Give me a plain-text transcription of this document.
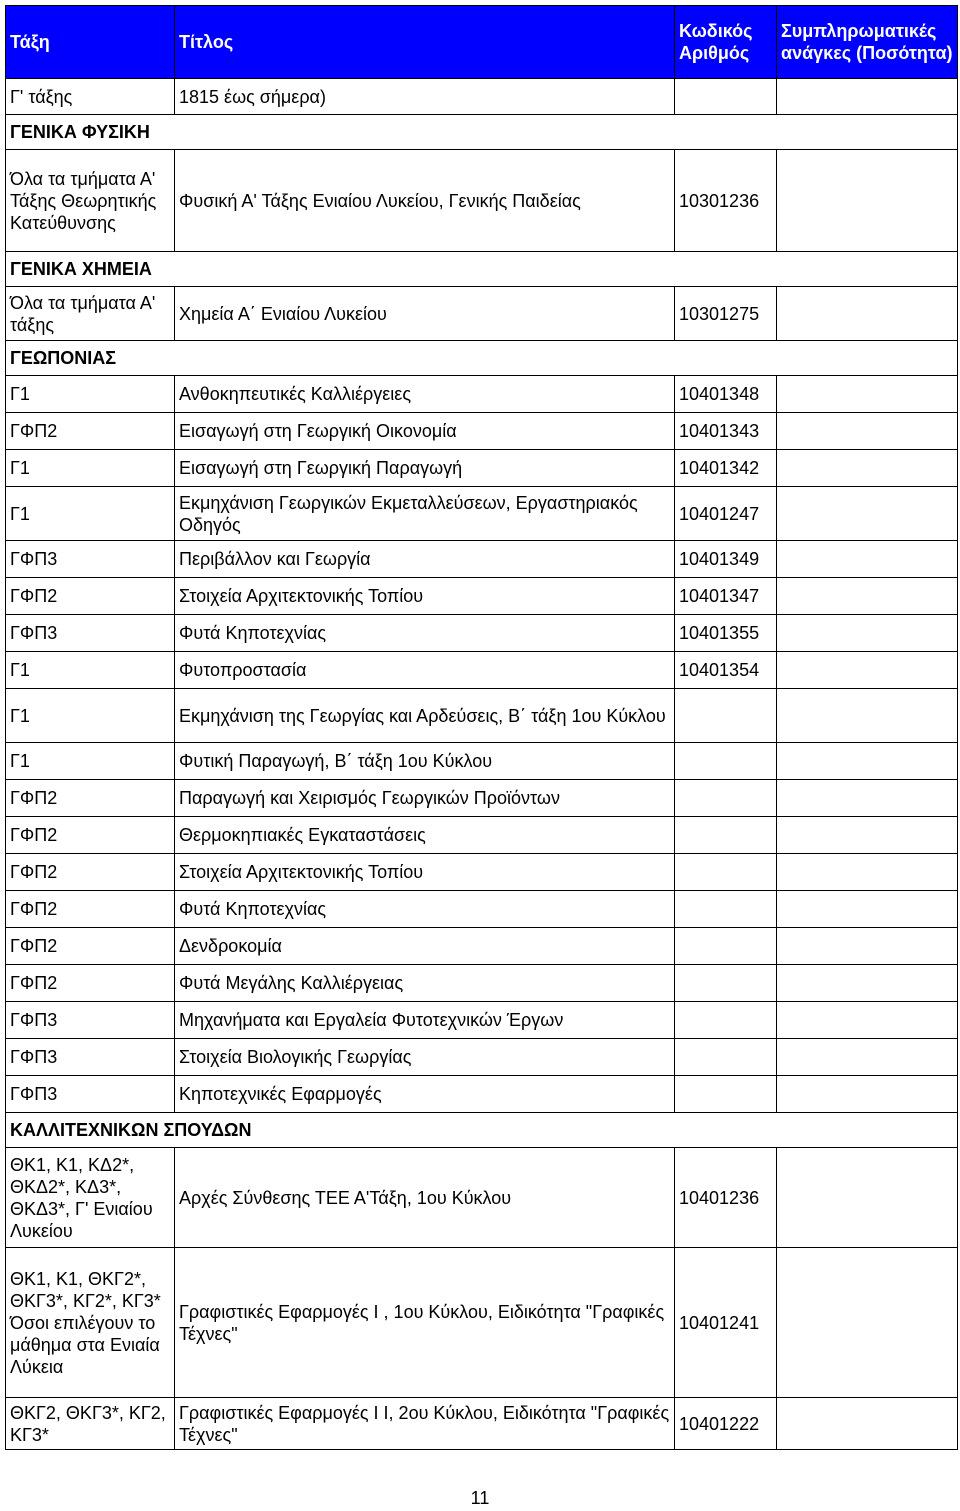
Τάξη	Τίτλος	Κωδικός Αριθμός	Συμπληρωματικές ανάγκες (Ποσότητα)
Γ' τάξης	1815 έως σήμερα)		
ΓΕΝΙΚΑ ΦΥΣΙΚΗ			
Όλα τα τμήματα Α' Τάξης Θεωρητικής Κατεύθυνσης	Φυσική Α' Τάξης Ενιαίου Λυκείου, Γενικής Παιδείας	10301236	
ΓΕΝΙΚΑ ΧΗΜΕΙΑ			
Όλα τα τμήματα Α' τάξης	Χημεία Α΄ Ενιαίου Λυκείου	10301275	
ΓΕΩΠΟΝΙΑΣ			
Γ1	Ανθοκηπευτικές Καλλιέργειες	10401348	
ΓΦΠ2	Εισαγωγή στη Γεωργική Οικονομία	10401343	
Γ1	Εισαγωγή στη Γεωργική Παραγωγή	10401342	
Γ1	Εκμηχάνιση Γεωργικών Εκμεταλλεύσεων, Εργαστηριακός Οδηγός	10401247	
ΓΦΠ3	Περιβάλλον και Γεωργία	10401349	
ΓΦΠ2	Στοιχεία Αρχιτεκτονικής Τοπίου	10401347	
ΓΦΠ3	Φυτά Κηποτεχνίας	10401355	
Γ1	Φυτοπροστασία	10401354	
Γ1	Εκμηχάνιση της Γεωργίας και Αρδεύσεις, Β΄ τάξη 1ου Κύκλου		
Γ1	Φυτική Παραγωγή, Β΄ τάξη 1ου Κύκλου		
ΓΦΠ2	Παραγωγή και Χειρισμός Γεωργικών Προϊόντων		
ΓΦΠ2	Θερμοκηπιακές Εγκαταστάσεις		
ΓΦΠ2	Στοιχεία Αρχιτεκτονικής Τοπίου		
ΓΦΠ2	Φυτά Κηποτεχνίας		
ΓΦΠ2	Δενδροκομία		
ΓΦΠ2	Φυτά Μεγάλης Καλλιέργειας		
ΓΦΠ3	Μηχανήματα και Εργαλεία Φυτοτεχνικών Έργων		
ΓΦΠ3	Στοιχεία Βιολογικής Γεωργίας		
ΓΦΠ3	Κηποτεχνικές Εφαρμογές		
ΚΑΛΛΙΤΕΧΝΙΚΩΝ ΣΠΟΥΔΩΝ			
ΘΚ1, Κ1, ΚΔ2*, ΘΚΔ2*, ΚΔ3*, ΘΚΔ3*, Γ' Ενιαίου Λυκείου	Αρχές Σύνθεσης ΤΕΕ Α'Τάξη, 1ου Κύκλου	10401236	
ΘΚ1, Κ1, ΘΚΓ2*, ΘΚΓ3*, ΚΓ2*, ΚΓ3* Όσοι επιλέγουν το μάθημα στα Ενιαία Λύκεια	Γραφιστικές Εφαρμογές Ι , 1ου Κύκλου, Ειδικότητα "Γραφικές Τέχνες"	10401241	
ΘΚΓ2, ΘΚΓ3*, ΚΓ2, ΚΓ3*	Γραφιστικές Εφαρμογές Ι Ι, 2ου Κύκλου, Ειδικότητα "Γραφικές Τέχνες"	10401222	
11
